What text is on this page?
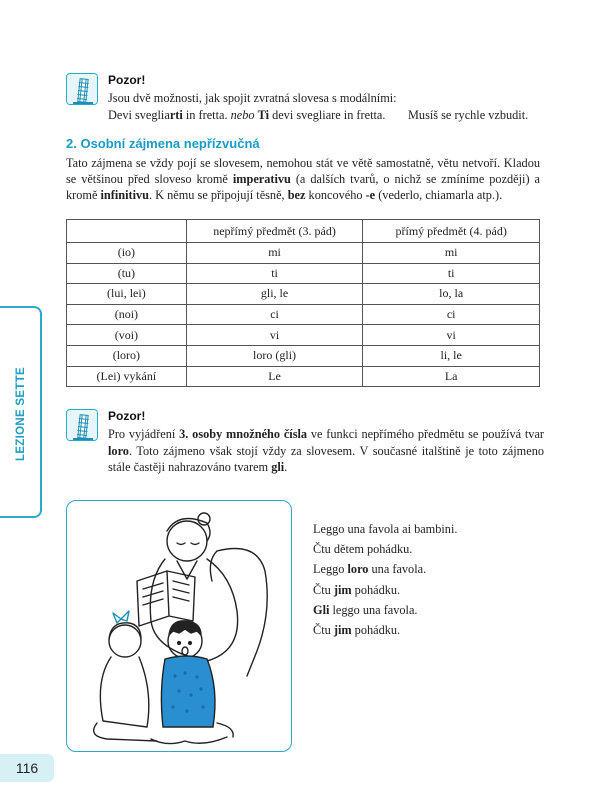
LEZIONE SETTE
116
Pozor!
Jsou dvě možnosti, jak spojit zvratná slovesa s modálními:
Devi svegliarti in fretta. nebo Ti devi svegliare in fretta. Musíš se rychle vzbudit.
2. Osobní zájmena nepřízvučná
Tato zájmena se vždy pojí se slovesem, nemohou stát ve větě samostatně, větu netvoří. Kladou se většinou před sloveso kromě imperativu (a dalších tvarů, o nichž se zmíníme později) a kromě infinitivu. K němu se připojují těsně, bez koncového -e (vederlo, chiamarla atp.).
	nepřímý předmět (3. pád)	přímý předmět (4. pád)
(io)	mi	mi
(tu)	ti	ti
(lui, lei)	gli, le	lo, la
(noi)	ci	ci
(voi)	vi	vi
(loro)	loro (gli)	li, le
(Lei) vykání	Le	La
Pozor!
Pro vyjádření 3. osoby množného čísla ve funkci nepřímého předmětu se používá tvar loro. Toto zájmeno však stojí vždy za slovesem. V současné italštině je toto zájmeno stále častěji nahrazováno tvarem gli.
Leggo una favola ai bambini.
Čtu dětem pohádku.
Leggo loro una favola.
Čtu jim pohádku.
Gli leggo una favola.
Čtu jim pohádku.
